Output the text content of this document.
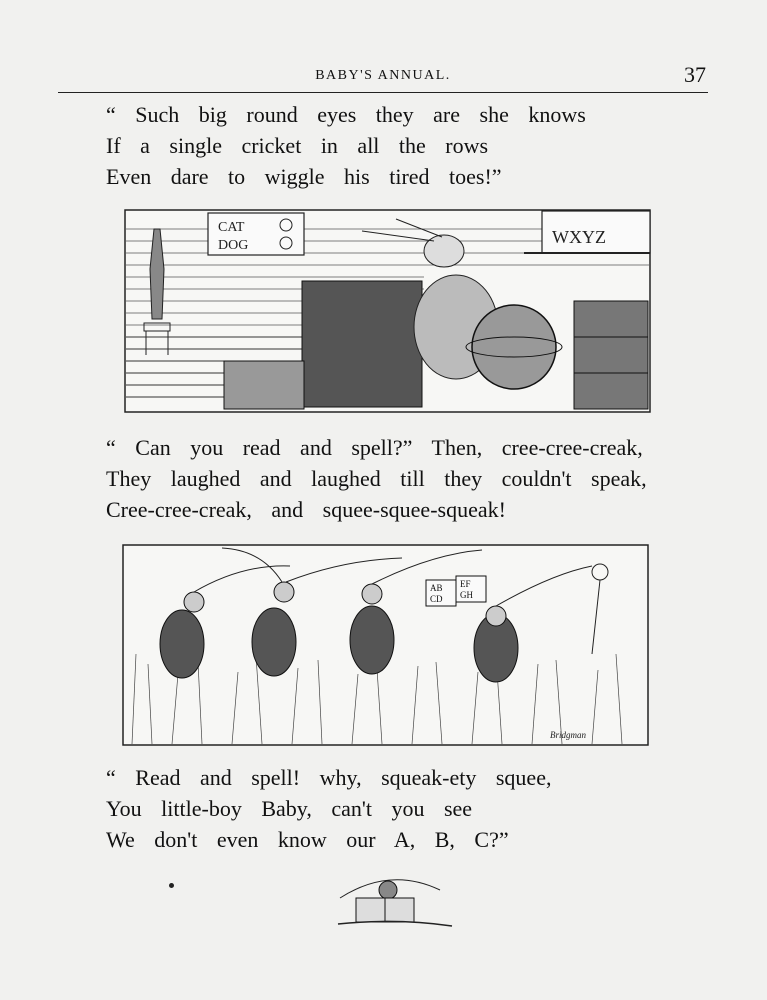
BABY'S ANNUAL.	37
“ Such big round eyes they are she knows
If a single cricket in all the rows
Even dare to wiggle his tired toes!”
CAT
DOG	WXYZ
“ Can you read and spell?” Then, cree-cree-creak,
They laughed and laughed till they couldn't speak,
Cree-cree-creak, and squee-squee-squeak!
AB
CD
EF
GH
Bridgman
“ Read and spell! why, squeak-ety squee,
You little-boy Baby, can't you see
We don't even know our A, B, C?”
